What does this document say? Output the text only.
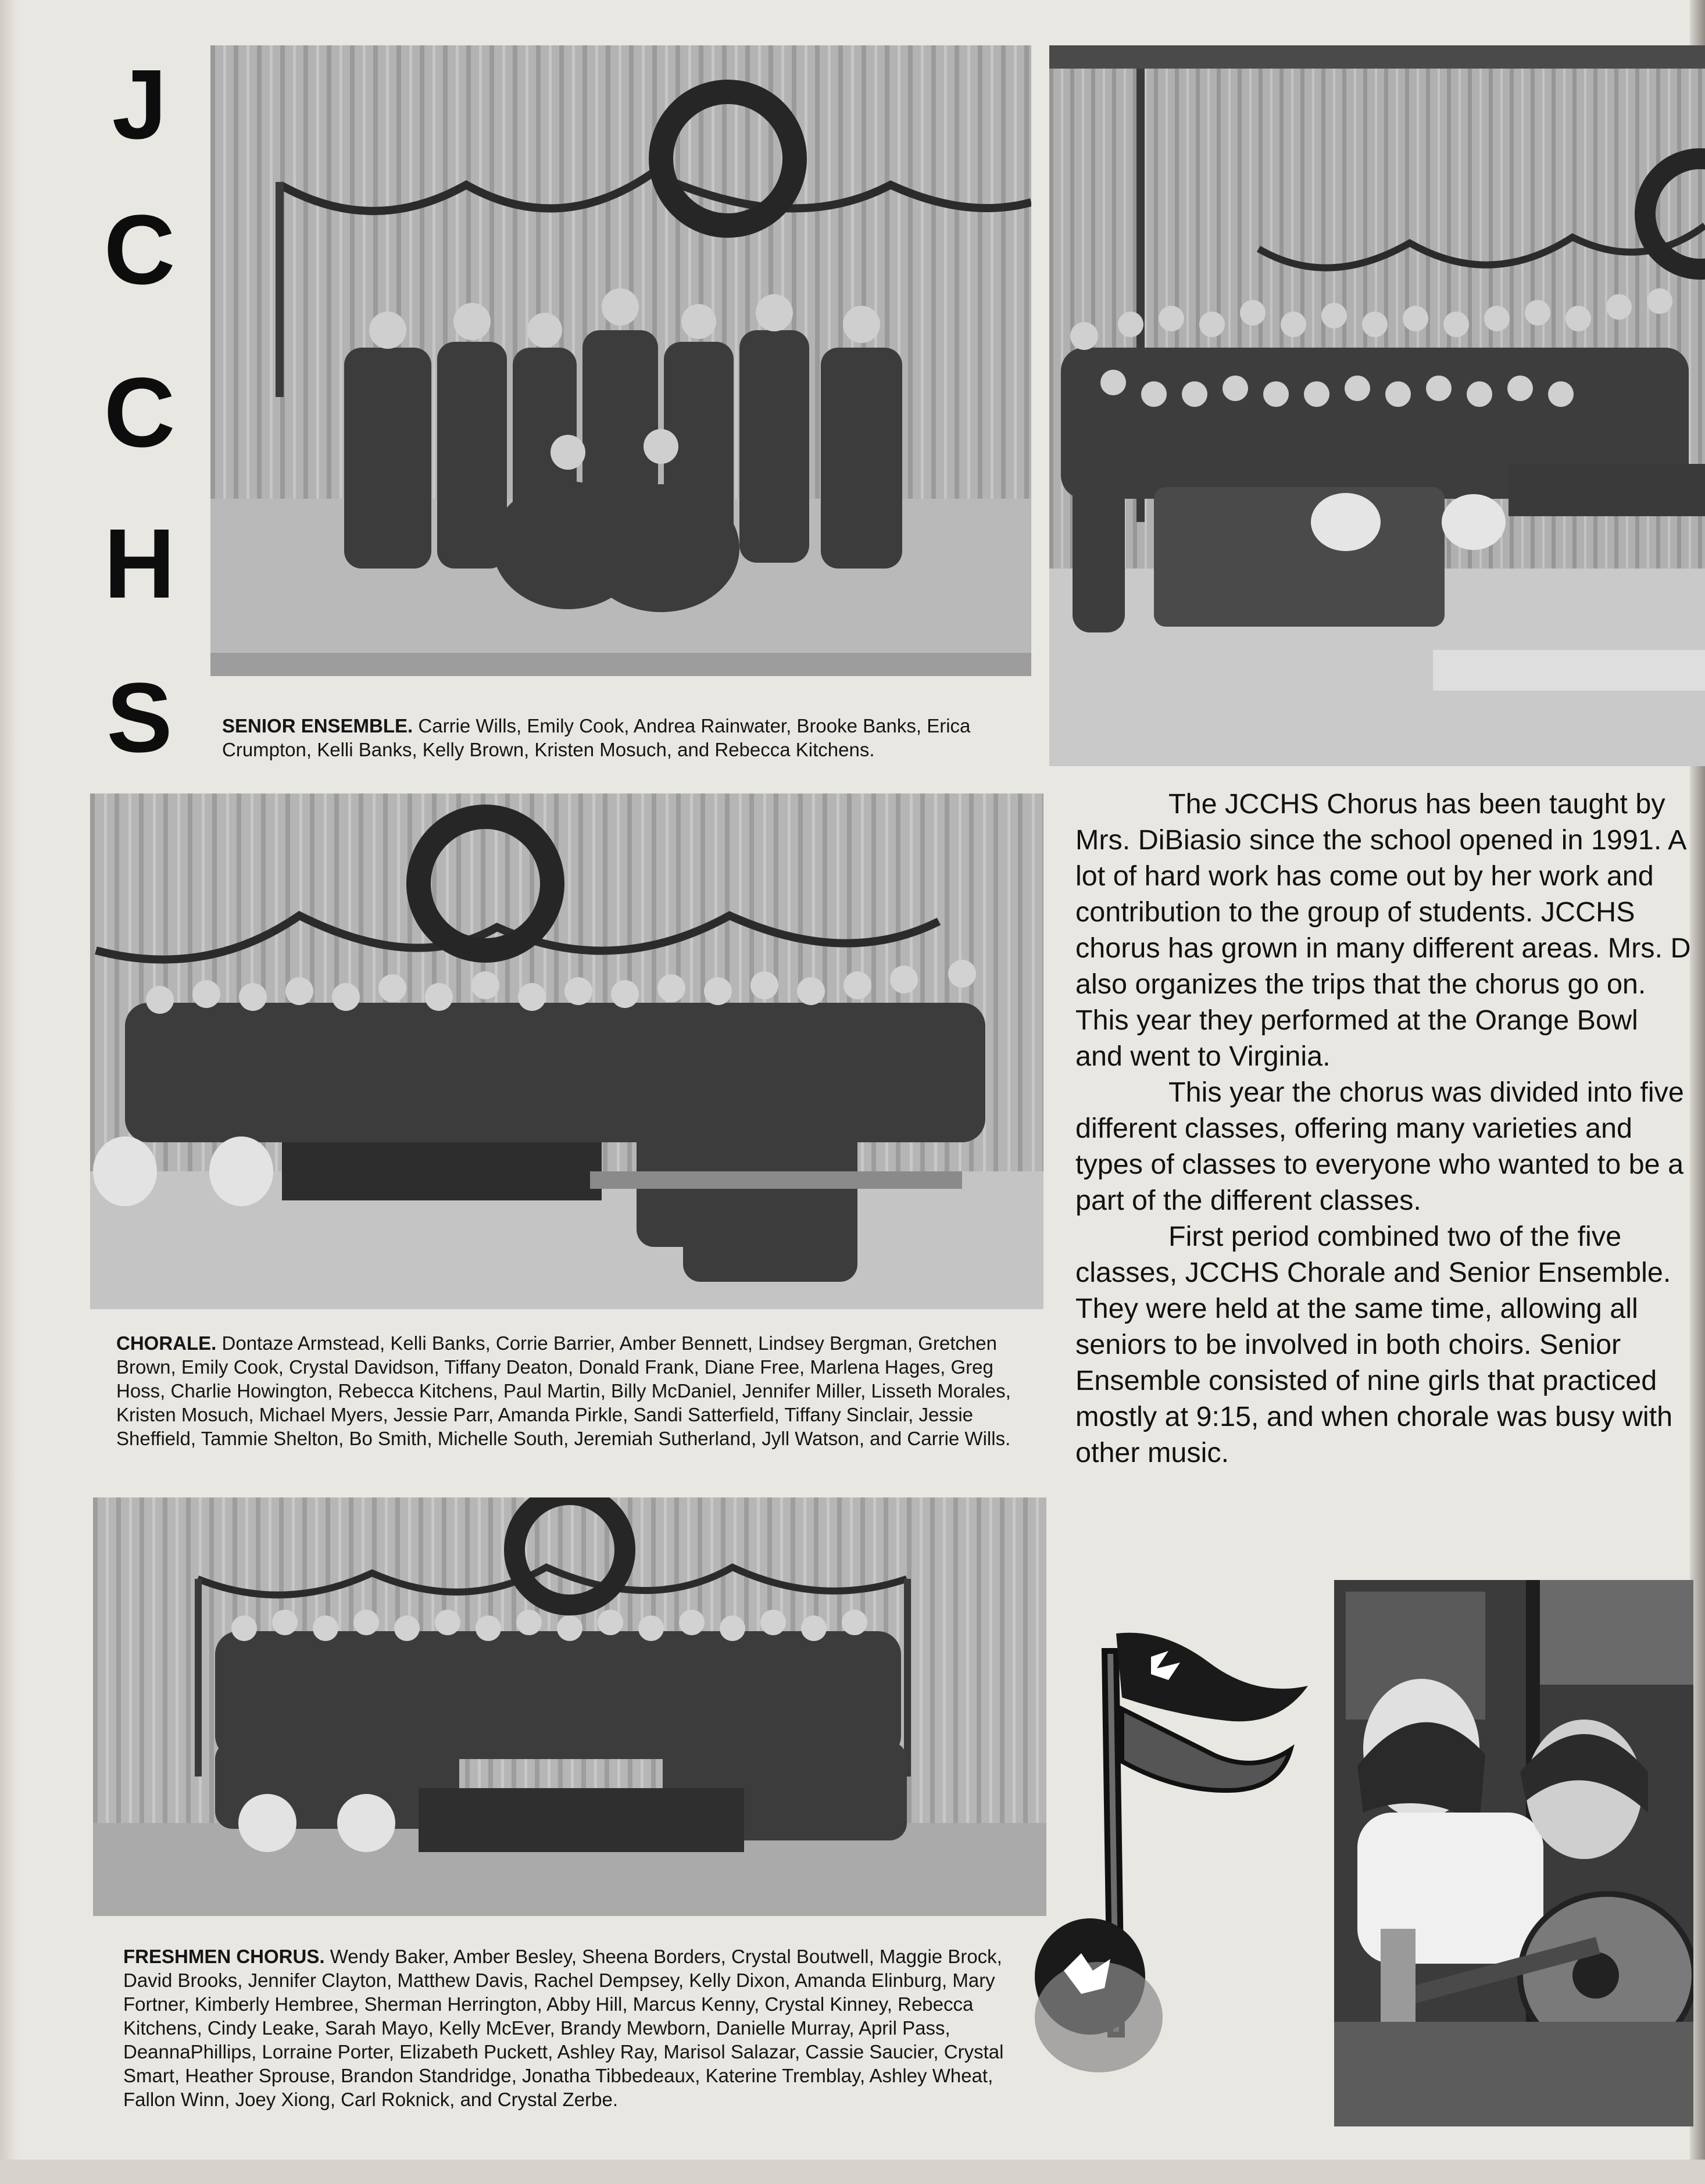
J
C
C
H
S	SENIOR ENSEMBLE. Carrie Wills, Emily Cook, Andrea Rainwater, Brooke Banks, Erica Crumpton, Kelli Banks, Kelly Brown, Kristen Mosuch, and Rebecca Kitchens.
CHORALE. Dontaze Armstead, Kelli Banks, Corrie Barrier, Amber Bennett, Lindsey Bergman, Gretchen Brown, Emily Cook, Crystal Davidson, Tiffany Deaton, Donald Frank, Diane Free, Marlena Hages, Greg Hoss, Charlie Howington, Rebecca Kitchens, Paul Martin, Billy McDaniel, Jennifer Miller, Lisseth Morales, Kristen Mosuch, Michael Myers, Jessie Parr, Amanda Pirkle, Sandi Satterfield, Tiffany Sinclair, Jessie Sheffield, Tammie Shelton, Bo Smith, Michelle South, Jeremiah Sutherland, Jyll Watson, and Carrie Wills.
FRESHMEN CHORUS. Wendy Baker, Amber Besley, Sheena Borders, Crystal Boutwell, Maggie Brock, David Brooks, Jennifer Clayton, Matthew Davis, Rachel Dempsey, Kelly Dixon, Amanda Elinburg, Mary Fortner, Kimberly Hembree, Sherman Herrington, Abby Hill, Marcus Kenny, Crystal Kinney, Rebecca Kitchens, Cindy Leake, Sarah Mayo, Kelly McEver, Brandy Mewborn, Danielle Murray, April Pass, DeannaPhillips, Lorraine Porter, Elizabeth Puckett, Ashley Ray, Marisol Salazar, Cassie Saucier, Crystal Smart, Heather Sprouse, Brandon Standridge, Jonatha Tibbedeaux, Katerine Tremblay, Ashley Wheat, Fallon Winn, Joey Xiong, Carl Roknick, and Crystal Zerbe.

The JCCHS Chorus has been taught by Mrs. DiBiasio since the school opened in 1991. A lot of hard work has come out by her work and contribution to the group of students. JCCHS chorus has grown in many different areas. Mrs. D also organizes the trips that the chorus go on. This year they performed at the Orange Bowl and went to Virginia.

This year the chorus was divided into five different classes, offering many varieties and types of classes to everyone who wanted to be a part of the different classes.

First period combined two of the five classes, JCCHS Chorale and Senior Ensemble. They were held at the same time, allowing all seniors to be involved in both choirs. Senior Ensemble consisted of nine girls that practiced mostly at 9:15, and when chorale was busy with other music.
